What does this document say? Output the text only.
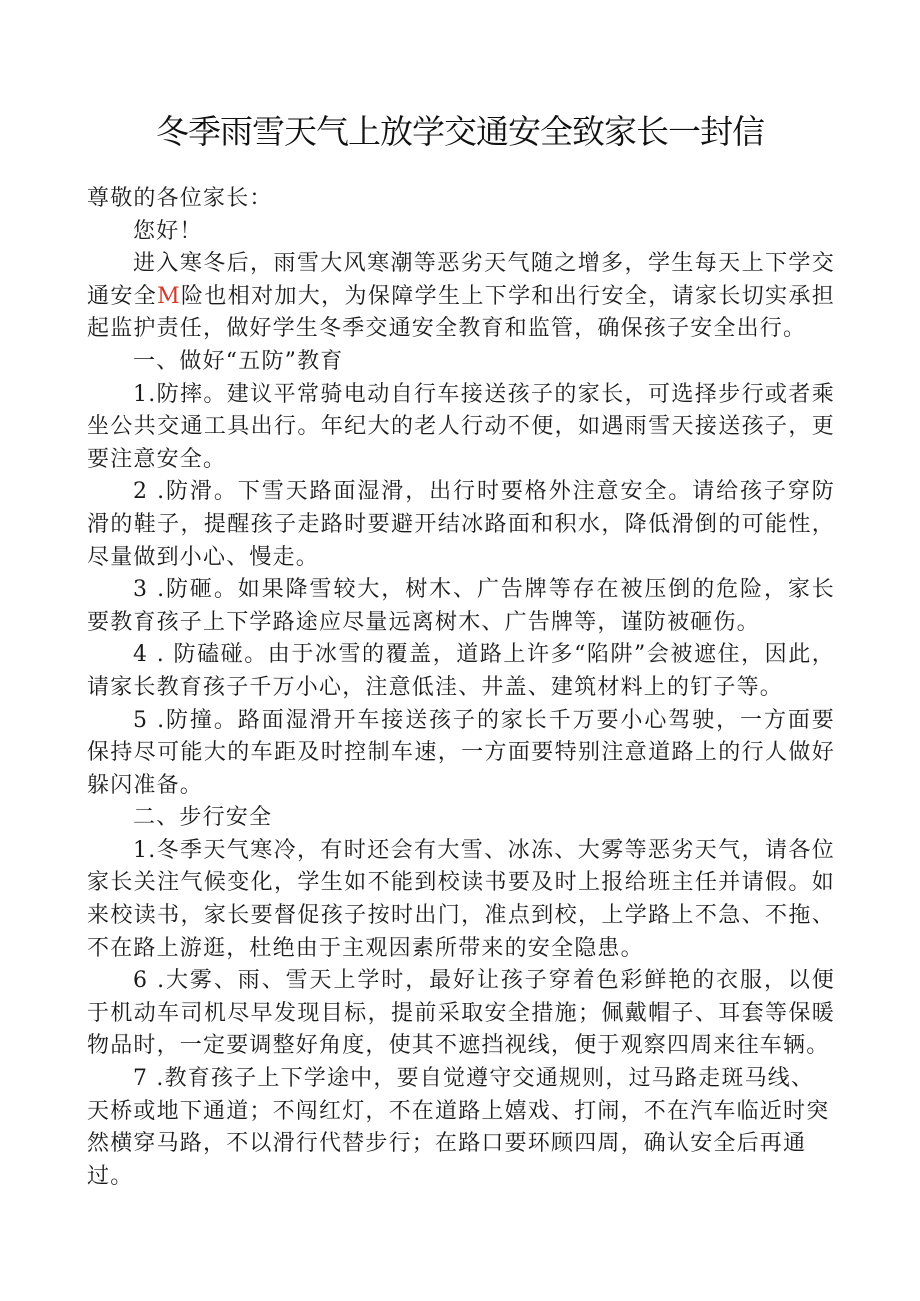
冬季雨雪天气上放学交通安全致家长一封信

尊敬的各位家长：

您好！

进入寒冬后，雨雪大风寒潮等恶劣天气随之增多，学生每天上下学交通安全M险也相对加大，为保障学生上下学和出行安全，请家长切实承担起监护责任，做好学生冬季交通安全教育和监管，确保孩子安全出行。

一、做好“五防”教育

1.防摔。建议平常骑电动自行车接送孩子的家长，可选择步行或者乘坐公共交通工具出行。年纪大的老人行动不便，如遇雨雪天接送孩子，更要注意安全。

2 .防滑。下雪天路面湿滑，出行时要格外注意安全。请给孩子穿防滑的鞋子，提醒孩子走路时要避开结冰路面和积水，降低滑倒的可能性，尽量做到小心、慢走。

3 .防砸。如果降雪较大，树木、广告牌等存在被压倒的危险，家长要教育孩子上下学路途应尽量远离树木、广告牌等，谨防被砸伤。

4 . 防磕碰。由于冰雪的覆盖，道路上许多“陷阱”会被遮住，因此，请家长教育孩子千万小心，注意低洼、井盖、建筑材料上的钉子等。

5 .防撞。路面湿滑开车接送孩子的家长千万要小心驾驶，一方面要保持尽可能大的车距及时控制车速，一方面要特别注意道路上的行人做好躲闪准备。

二、步行安全

1.冬季天气寒冷，有时还会有大雪、冰冻、大雾等恶劣天气，请各位家长关注气候变化，学生如不能到校读书要及时上报给班主任并请假。如来校读书，家长要督促孩子按时出门，准点到校，上学路上不急、不拖、不在路上游逛，杜绝由于主观因素所带来的安全隐患。

6 .大雾、雨、雪天上学时，最好让孩子穿着色彩鲜艳的衣服，以便于机动车司机尽早发现目标，提前采取安全措施；佩戴帽子、耳套等保暖物品时，一定要调整好角度，使其不遮挡视线，便于观察四周来往车辆。

7 .教育孩子上下学途中，要自觉遵守交通规则，过马路走斑马线、

天桥或地下通道；不闯红灯，不在道路上嬉戏、打闹，不在汽车临近时突

然横穿马路，不以滑行代替步行；在路口要环顾四周，确认安全后再通

过。
